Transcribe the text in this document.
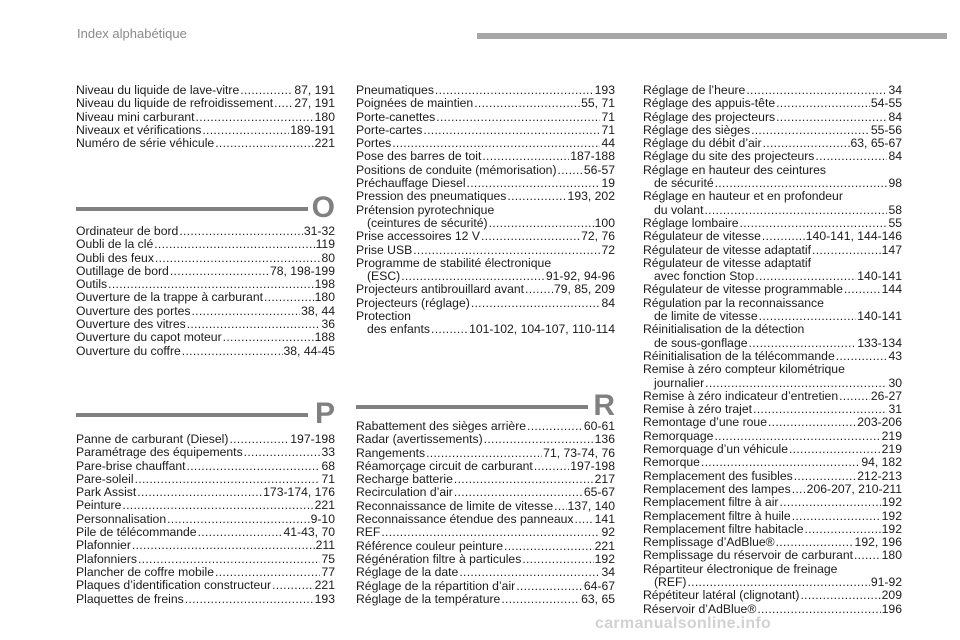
Index alphabétique
Niveau du liquide de lave-vitre .....	87, 191
Niveau du liquide de refroidissement ..... 27, 191
Niveau mini carburant .....	180
Niveaux et vérifications .....	189-191
Numéro de série véhicule .....	221
O
Ordinateur de bord .....	31-32
Oubli de la clé .....	119
Oubli des feux .....	80
Outillage de bord .....	78, 198-199
Outils .....	198
Ouverture de la trappe à carburant .....	180
Ouverture des portes .....	38, 44
Ouverture des vitres .....	36
Ouverture du capot moteur .....	188
Ouverture du coffre .....	38, 44-45
P
Panne de carburant (Diesel) .....	197-198
Paramétrage des équipements .....	33
Pare-brise chauffant .....	68
Pare-soleil .....	71
Park Assist .....	173-174, 176
Peinture .....	221
Personnalisation .....	9-10
Pile de télécommande .....	41-43, 70
Plafonnier .....	211
Plafonniers .....	75
Plancher de coffre mobile .....	77
Plaques d’identification constructeur .....	221
Plaquettes de freins .....	193
Pneumatiques .....	193
Poignées de maintien .....	55, 71
Porte-canettes .....	71
Porte-cartes .....	71
Portes .....	44
Pose des barres de toit .....	187-188
Positions de conduite (mémorisation) ..... 56-57
Préchauffage Diesel .....	19
Pression des pneumatiques .....	193, 202
Prétension pyrotechnique
(ceintures de sécurité) .....	100
Prise accessoires 12 V .....	72, 76
Prise USB .....	72
Programme de stabilité électronique
(ESC) .....	91-92, 94-96
Projecteurs antibrouillard avant ..... 79, 85, 209
Projecteurs (réglage) .....	84
Protection
des enfants .....	101-102, 104-107, 110-114
R
Rabattement des sièges arrière .....	60-61
Radar (avertissements) .....	136
Rangements .....	71, 73-74, 76
Réamorçage circuit de carburant .....	197-198
Recharge batterie .....	217
Recirculation d’air .....	65-67
Reconnaissance de limite de vitesse ..... 137, 140
Reconnaissance étendue des panneaux ..... 141
REF .....	92
Référence couleur peinture .....	221
Régénération filtre à particules .....	192
Réglage de la date .....	34
Réglage de la répartition d’air .....	64-67
Réglage de la température .....	63, 65
Réglage de l’heure .....	34
Réglage des appuis-tête .....	54-55
Réglage des projecteurs .....	84
Réglage des sièges .....	55-56
Réglage du débit d’air .....	63, 65-67
Réglage du site des projecteurs .....	84
Réglage en hauteur des ceintures
de sécurité .....	98
Réglage en hauteur et en profondeur
du volant .....	58
Réglage lombaire .....	55
Régulateur de vitesse .....	140-141, 144-146
Régulateur de vitesse adaptatif .....	147
Régulateur de vitesse adaptatif
avec fonction Stop .....	140-141
Régulateur de vitesse programmable .....	144
Régulation par la reconnaissance
de limite de vitesse .....	140-141
Réinitialisation de la détection
de sous-gonflage .....	133-134
Réinitialisation de la télécommande .....	43
Remise à zéro compteur kilométrique
journalier .....	30
Remise à zéro indicateur d’entretien .....	26-27
Remise à zéro trajet .....	31
Remontage d’une roue .....	203-206
Remorquage .....	219
Remorquage d’un véhicule .....	219
Remorque .....	94, 182
Remplacement des fusibles .....	212-213
Remplacement des lampes ..... 206-207, 210-211
Remplacement filtre à air .....	192
Remplacement filtre à huile .....	192
Remplacement filtre habitacle .....	192
Remplissage d’AdBlue® .....	192, 196
Remplissage du réservoir de carburant ..... 180
Répartiteur électronique de freinage
(REF) .....	91-92
Répétiteur latéral (clignotant) .....	209
Réservoir d’AdBlue® .....	196
carmanualsonline.info
